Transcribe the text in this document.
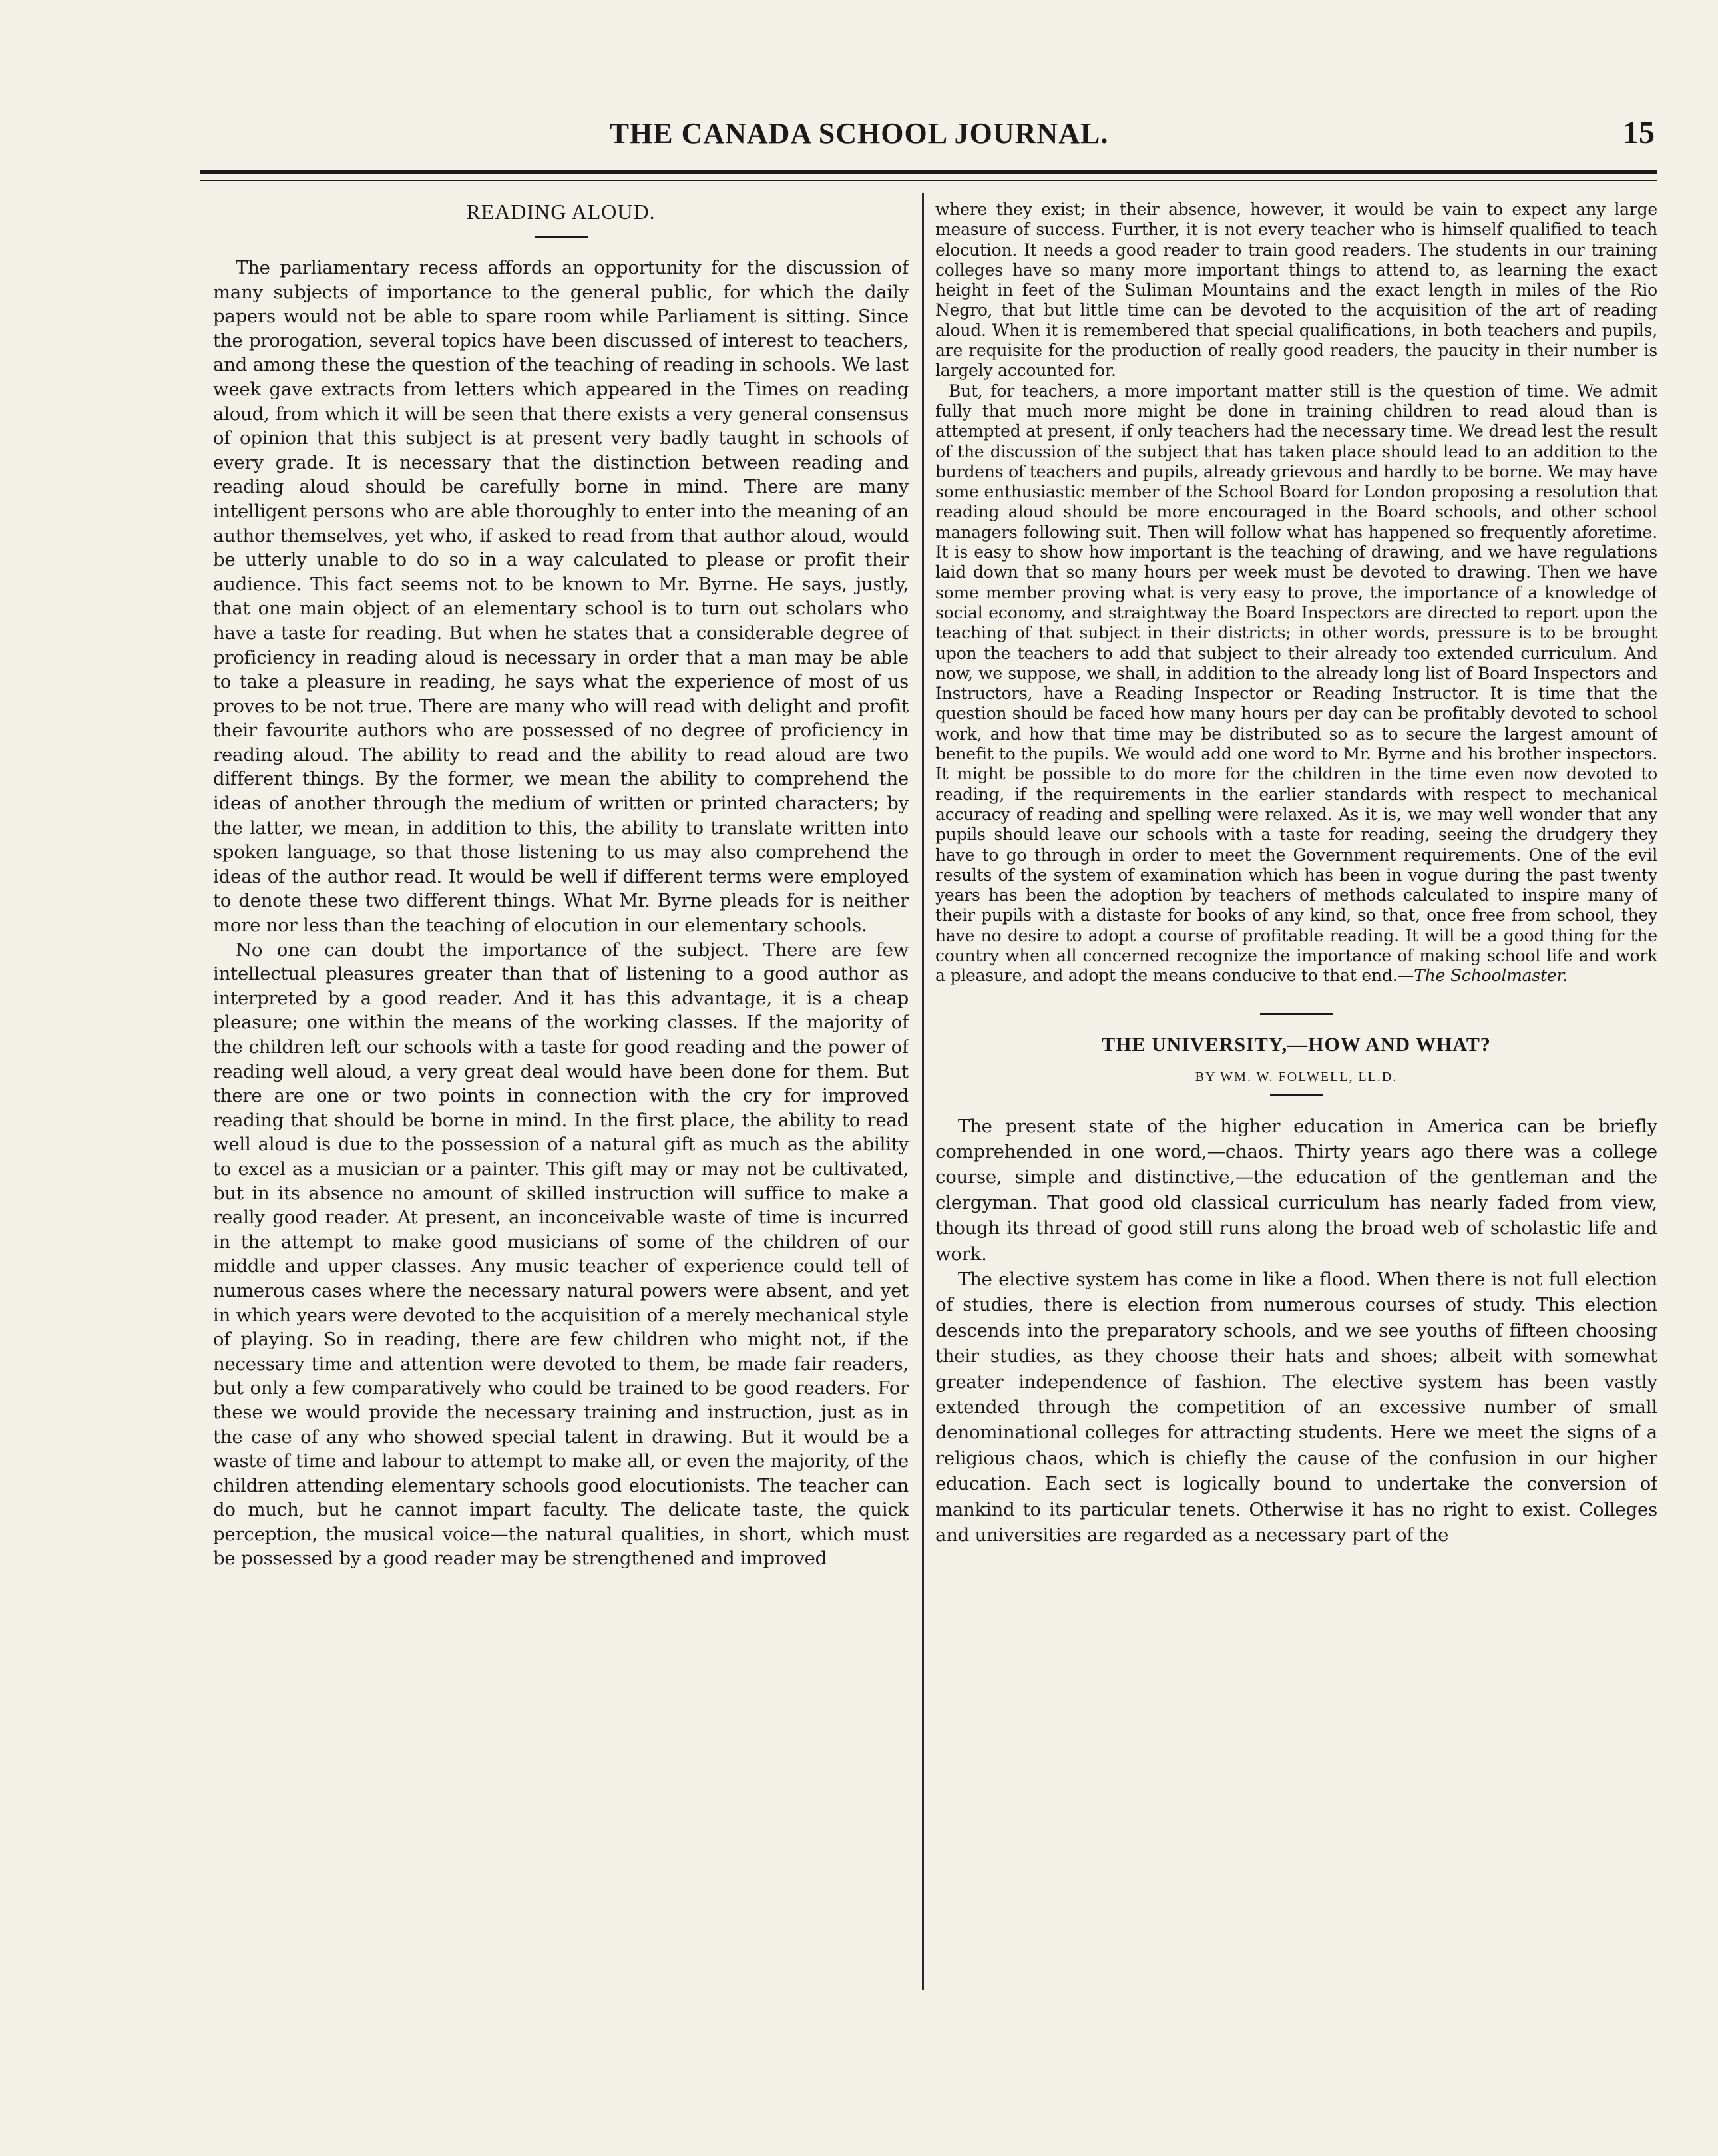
THE CANADA SCHOOL JOURNAL.	15
READING ALOUD.

The parliamentary recess affords an opportunity for the discussion of many subjects of importance to the general public, for which the daily papers would not be able to spare room while Parliament is sitting. Since the prorogation, several topics have been discussed of interest to teachers, and among these the question of the teaching of reading in schools. We last week gave extracts from letters which appeared in the Times on reading aloud, from which it will be seen that there exists a very general consensus of opinion that this subject is at present very badly taught in schools of every grade. It is necessary that the distinction between reading and reading aloud should be carefully borne in mind. There are many intelligent persons who are able thoroughly to enter into the meaning of an author themselves, yet who, if asked to read from that author aloud, would be utterly unable to do so in a way calculated to please or profit their audience. This fact seems not to be known to Mr. Byrne. He says, justly, that one main object of an elementary school is to turn out scholars who have a taste for reading. But when he states that a considerable degree of proficiency in reading aloud is necessary in order that a man may be able to take a pleasure in reading, he says what the experience of most of us proves to be not true. There are many who will read with delight and profit their favourite authors who are possessed of no degree of proficiency in reading aloud. The ability to read and the ability to read aloud are two different things. By the former, we mean the ability to comprehend the ideas of another through the medium of written or printed characters; by the latter, we mean, in addition to this, the ability to translate written into spoken language, so that those listening to us may also comprehend the ideas of the author read. It would be well if different terms were employed to denote these two different things. What Mr. Byrne pleads for is neither more nor less than the teaching of elocution in our elementary schools.

No one can doubt the importance of the subject. There are few intellectual pleasures greater than that of listening to a good author as interpreted by a good reader. And it has this advantage, it is a cheap pleasure; one within the means of the working classes. If the majority of the children left our schools with a taste for good reading and the power of reading well aloud, a very great deal would have been done for them. But there are one or two points in connection with the cry for improved reading that should be borne in mind. In the first place, the ability to read well aloud is due to the possession of a natural gift as much as the ability to excel as a musician or a painter. This gift may or may not be cultivated, but in its absence no amount of skilled instruction will suffice to make a really good reader. At present, an inconceivable waste of time is incurred in the attempt to make good musicians of some of the children of our middle and upper classes. Any music teacher of experience could tell of numerous cases where the necessary natural powers were absent, and yet in which years were devoted to the acquisition of a merely mechanical style of playing. So in reading, there are few children who might not, if the necessary time and attention were devoted to them, be made fair readers, but only a few comparatively who could be trained to be good readers. For these we would provide the necessary training and instruction, just as in the case of any who showed special talent in drawing. But it would be a waste of time and labour to attempt to make all, or even the majority, of the children attending elementary schools good elocutionists. The teacher can do much, but he cannot impart faculty. The delicate taste, the quick perception, the musical voice—the natural qualities, in short, which must be possessed by a good reader may be strengthened and improved

where they exist; in their absence, however, it would be vain to expect any large measure of success. Further, it is not every teacher who is himself qualified to teach elocution. It needs a good reader to train good readers. The students in our training colleges have so many more important things to attend to, as learning the exact height in feet of the Suliman Mountains and the exact length in miles of the Rio Negro, that but little time can be devoted to the acquisition of the art of reading aloud. When it is remembered that special qualifications, in both teachers and pupils, are requisite for the production of really good readers, the paucity in their number is largely accounted for.

But, for teachers, a more important matter still is the question of time. We admit fully that much more might be done in training children to read aloud than is attempted at present, if only teachers had the necessary time. We dread lest the result of the discussion of the subject that has taken place should lead to an addition to the burdens of teachers and pupils, already grievous and hardly to be borne. We may have some enthusiastic member of the School Board for London proposing a resolution that reading aloud should be more encouraged in the Board schools, and other school managers following suit. Then will follow what has happened so frequently aforetime. It is easy to show how important is the teaching of drawing, and we have regulations laid down that so many hours per week must be devoted to drawing. Then we have some member proving what is very easy to prove, the importance of a knowledge of social economy, and straightway the Board Inspectors are directed to report upon the teaching of that subject in their districts; in other words, pressure is to be brought upon the teachers to add that subject to their already too extended curriculum. And now, we suppose, we shall, in addition to the already long list of Board Inspectors and Instructors, have a Reading Inspector or Reading Instructor. It is time that the question should be faced how many hours per day can be profitably devoted to school work, and how that time may be distributed so as to secure the largest amount of benefit to the pupils. We would add one word to Mr. Byrne and his brother inspectors. It might be possible to do more for the children in the time even now devoted to reading, if the requirements in the earlier standards with respect to mechanical accuracy of reading and spelling were relaxed. As it is, we may well wonder that any pupils should leave our schools with a taste for reading, seeing the drudgery they have to go through in order to meet the Government requirements. One of the evil results of the system of examination which has been in vogue during the past twenty years has been the adoption by teachers of methods calculated to inspire many of their pupils with a distaste for books of any kind, so that, once free from school, they have no desire to adopt a course of profitable reading. It will be a good thing for the country when all concerned recognize the importance of making school life and work a pleasure, and adopt the means conducive to that end.—The Schoolmaster.

THE UNIVERSITY,—HOW AND WHAT?
BY WM. W. FOLWELL, LL.D.

The present state of the higher education in America can be briefly comprehended in one word,—chaos. Thirty years ago there was a college course, simple and distinctive,—the education of the gentleman and the clergyman. That good old classical curriculum has nearly faded from view, though its thread of good still runs along the broad web of scholastic life and work.

The elective system has come in like a flood. When there is not full election of studies, there is election from numerous courses of study. This election descends into the preparatory schools, and we see youths of fifteen choosing their studies, as they choose their hats and shoes; albeit with somewhat greater independence of fashion. The elective system has been vastly extended through the competition of an excessive number of small denominational colleges for attracting students. Here we meet the signs of a religious chaos, which is chiefly the cause of the confusion in our higher education. Each sect is logically bound to undertake the conversion of mankind to its particular tenets. Otherwise it has no right to exist. Colleges and universities are regarded as a necessary part of the
